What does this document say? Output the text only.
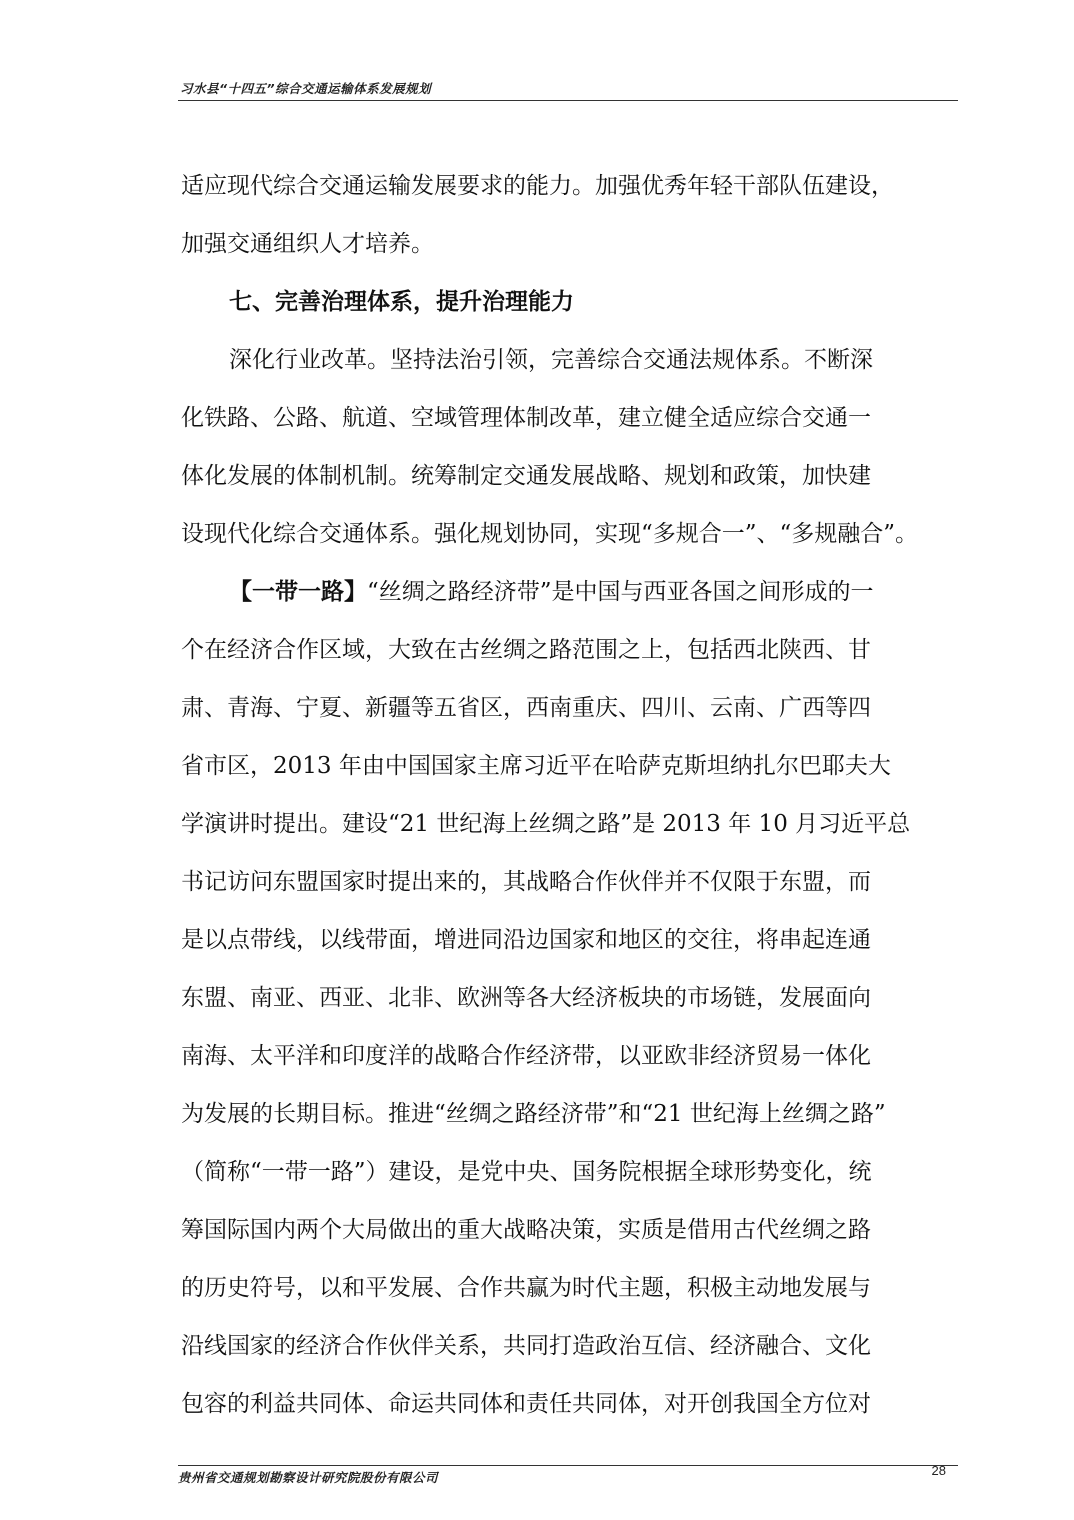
习水县“十四五”综合交通运输体系发展规划
适应现代综合交通运输发展要求的能力。加强优秀年轻干部队伍建设，
加强交通组织人才培养。
七、完善治理体系，提升治理能力
深化行业改革。坚持法治引领，完善综合交通法规体系。不断深
化铁路、公路、航道、空域管理体制改革，建立健全适应综合交通一
体化发展的体制机制。统筹制定交通发展战略、规划和政策，加快建
设现代化综合交通体系。强化规划协同，实现“多规合一”、“多规融合”。
【一带一路】“丝绸之路经济带”是中国与西亚各国之间形成的一
个在经济合作区域，大致在古丝绸之路范围之上，包括西北陕西、甘
肃、青海、宁夏、新疆等五省区，西南重庆、四川、云南、广西等四
省市区，2013 年由中国国家主席习近平在哈萨克斯坦纳扎尔巴耶夫大
学演讲时提出。建设“21 世纪海上丝绸之路”是 2013 年 10 月习近平总
书记访问东盟国家时提出来的，其战略合作伙伴并不仅限于东盟，而
是以点带线，以线带面，增进同沿边国家和地区的交往，将串起连通
东盟、南亚、西亚、北非、欧洲等各大经济板块的市场链，发展面向
南海、太平洋和印度洋的战略合作经济带，以亚欧非经济贸易一体化
为发展的长期目标。推进“丝绸之路经济带”和“21 世纪海上丝绸之路”
（简称“一带一路”）建设，是党中央、国务院根据全球形势变化，统
筹国际国内两个大局做出的重大战略决策，实质是借用古代丝绸之路
的历史符号，以和平发展、合作共赢为时代主题，积极主动地发展与
沿线国家的经济合作伙伴关系，共同打造政治互信、经济融合、文化
包容的利益共同体、命运共同体和责任共同体，对开创我国全方位对
贵州省交通规划勘察设计研究院股份有限公司	28
